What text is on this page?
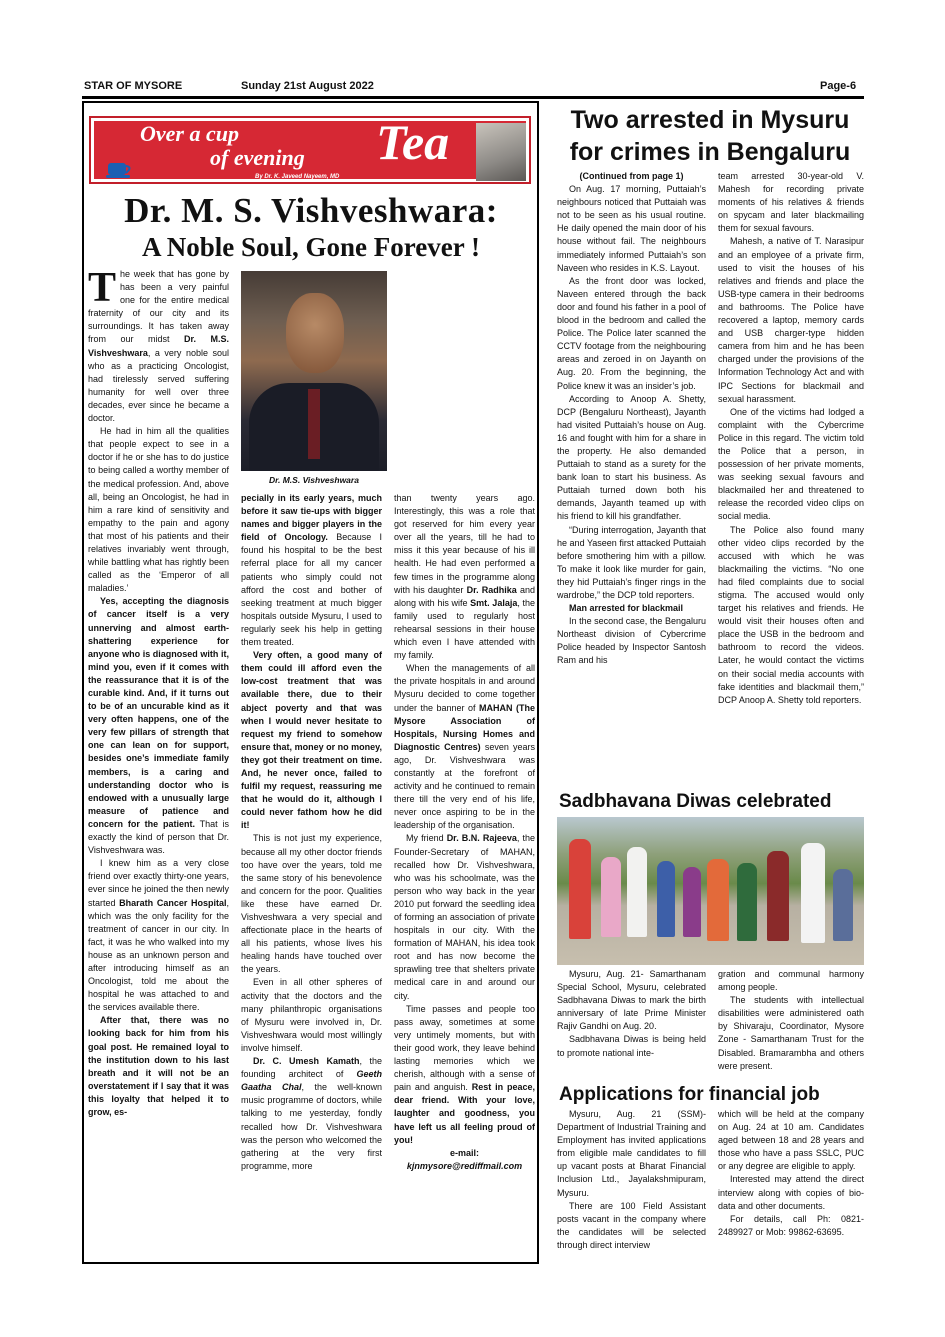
STAR OF MYSORE	Sunday 21st August 2022	Page-6
Over a cup
of evening Tea
By Dr. K. Javeed Nayeem, MD
Dr. M. S. Vishveshwara:
A Noble Soul, Gone Forever !
Dr. M.S. Vishveshwara

The week that has gone by has been a very painful one for the entire medical fraternity of our city and its surroundings. It has taken away from our midst Dr. M.S. Vishveshwara, a very noble soul who as a practicing Oncologist, had tirelessly served suffering humanity for well over three decades, ever since he became a doctor.

He had in him all the qualities that people expect to see in a doctor if he or she has to do justice to being called a worthy member of the medical profession. And, above all, being an Oncologist, he had in him a rare kind of sensitivity and empathy to the pain and agony that most of his patients and their relatives invariably went through, while battling what has rightly been called as the ‘Emperor of all maladies.’

Yes, accepting the diagnosis of cancer itself is a very unnerving and almost earth-shattering experience for anyone who is diagnosed with it, mind you, even if it comes with the reassurance that it is of the curable kind. And, if it turns out to be of an uncurable kind as it very often happens, one of the very few pillars of strength that one can lean on for support, besides one’s immediate family members, is a caring and understanding doctor who is endowed with a unusually large measure of patience and concern for the patient. That is exactly the kind of person that Dr. Vishveshwara was.

I knew him as a very close friend over exactly thirty-one years, ever since he joined the then newly started Bharath Cancer Hospital, which was the only facility for the treatment of cancer in our city. In fact, it was he who walked into my house as an unknown person and after introducing himself as an Oncologist, told me about the hospital he was attached to and the services available there.

After that, there was no looking back for him from his goal post. He remained loyal to the institution down to his last breath and it will not be an overstatement if I say that it was this loyalty that helped it to grow, es-

pecially in its early years, much before it saw tie-ups with bigger names and bigger players in the field of Oncology. Because I found his hospital to be the best referral place for all my cancer patients who simply could not afford the cost and bother of seeking treatment at much bigger hospitals outside Mysuru, I used to regularly seek his help in getting them treated.

Very often, a good many of them could ill afford even the low-cost treatment that was available there, due to their abject poverty and that was when I would never hesitate to request my friend to somehow ensure that, money or no money, they got their treatment on time. And, he never once, failed to fulfil my request, reassuring me that he would do it, although I could never fathom how he did it!

This is not just my experience, because all my other doctor friends too have over the years, told me the same story of his benevolence and concern for the poor. Qualities like these have earned Dr. Vishveshwara a very special and affectionate place in the hearts of all his patients, whose lives his healing hands have touched over the years.

Even in all other spheres of activity that the doctors and the many philanthropic organisations of Mysuru were involved in, Dr. Vishveshwara would most willingly involve himself.

Dr. C. Umesh Kamath, the founding architect of Geeth Gaatha Chal, the well-known music programme of doctors, while talking to me yesterday, fondly recalled how Dr. Vishveshwara was the person who welcomed the gathering at the very first programme, more

than twenty years ago. Interestingly, this was a role that got reserved for him every year over all the years, till he had to miss it this year because of his ill health. He had even performed a few times in the programme along with his daughter Dr. Radhika and along with his wife Smt. Jalaja, the family used to regularly host rehearsal sessions in their house which even I have attended with my family.

When the managements of all the private hospitals in and around Mysuru decided to come together under the banner of MAHAN (The Mysore Association of Hospitals, Nursing Homes and Diagnostic Centres) seven years ago, Dr. Vishveshwara was constantly at the forefront of activity and he continued to remain there till the very end of his life, never once aspiring to be in the leadership of the organisation.

My friend Dr. B.N. Rajeeva, the Founder-Secretary of MAHAN, recalled how Dr. Vishveshwara, who was his schoolmate, was the person who way back in the year 2010 put forward the seedling idea of forming an association of private hospitals in our city. With the formation of MAHAN, his idea took root and has now become the sprawling tree that shelters private medical care in and around our city.

Time passes and people too pass away, sometimes at some very untimely moments, but with their good work, they leave behind lasting memories which we cherish, although with a sense of pain and anguish. Rest in peace, dear friend. With your love, laughter and goodness, you have left us all feeling proud of you!

e-mail:

kjnmysore@rediffmail.com

Two arrested in Mysuru
for crimes in Bengaluru

(Continued from page 1)

On Aug. 17 morning, Puttaiah’s neighbours noticed that Puttaiah was not to be seen as his usual routine. He daily opened the main door of his house without fail. The neighbours immediately informed Puttaiah’s son Naveen who resides in K.S. Layout.

As the front door was locked, Naveen entered through the back door and found his father in a pool of blood in the bedroom and called the Police. The Police later scanned the CCTV footage from the neighbouring areas and zeroed in on Jayanth on Aug. 20. From the beginning, the Police knew it was an insider’s job.

According to Anoop A. Shetty, DCP (Bengaluru Northeast), Jayanth had visited Puttaiah’s house on Aug. 16 and fought with him for a share in the property. He also demanded Puttaiah to stand as a surety for the bank loan to start his business. As Puttaiah turned down both his demands, Jayanth teamed up with his friend to kill his grandfather.

“During interrogation, Jayanth that he and Yaseen first attacked Puttaiah before smothering him with a pillow. To make it look like murder for gain, they hid Puttaiah’s finger rings in the wardrobe,” the DCP told reporters.

Man arrested for blackmail

In the second case, the Bengaluru Northeast division of Cybercrime Police headed by Inspector Santosh Ram and his

team arrested 30-year-old V. Mahesh for recording private moments of his relatives & friends on spycam and later blackmailing them for sexual favours.

Mahesh, a native of T. Narasipur and an employee of a private firm, used to visit the houses of his relatives and friends and place the USB-type camera in their bedrooms and bathrooms. The Police have recovered a laptop, memory cards and USB charger-type hidden camera from him and he has been charged under the provisions of the Information Technology Act and with IPC Sections for blackmail and sexual harassment.

One of the victims had lodged a complaint with the Cybercrime Police in this regard. The victim told the Police that a person, in possession of her private moments, was seeking sexual favours and blackmailed her and threatened to release the recorded video clips on social media.

The Police also found many other video clips recorded by the accused with which he was blackmailing the victims. “No one had filed complaints due to social stigma. The accused would only target his relatives and friends. He would visit their houses often and place the USB in the bedroom and bathroom to record the videos. Later, he would contact the victims on their social media accounts with fake identities and blackmail them,” DCP Anoop A. Shetty told reporters.

Sadbhavana Diwas celebrated

Mysuru, Aug. 21- Samarthanam Special School, Mysuru, celebrated Sadbhavana Diwas to mark the birth anniversary of late Prime Minister Rajiv Gandhi on Aug. 20.

Sadbhavana Diwas is being held to promote national inte-

gration and communal harmony among people.

The students with intellectual disabilities were administered oath by Shivaraju, Coordinator, Mysore Zone - Samarthanam Trust for the Disabled. Bramarambha and others were present.

Applications for financial job

Mysuru, Aug. 21 (SSM)- Department of Industrial Training and Employment has invited applications from eligible male candidates to fill up vacant posts at Bharat Financial Inclusion Ltd., Jayalakshmipuram, Mysuru.

There are 100 Field Assistant posts vacant in the company where the candidates will be selected through direct interview

which will be held at the company on Aug. 24 at 10 am. Candidates aged between 18 and 28 years and those who have a pass SSLC, PUC or any degree are eligible to apply.

Interested may attend the direct interview along with copies of bio-data and other documents.

For details, call Ph: 0821-2489927 or Mob: 99862-63695.
